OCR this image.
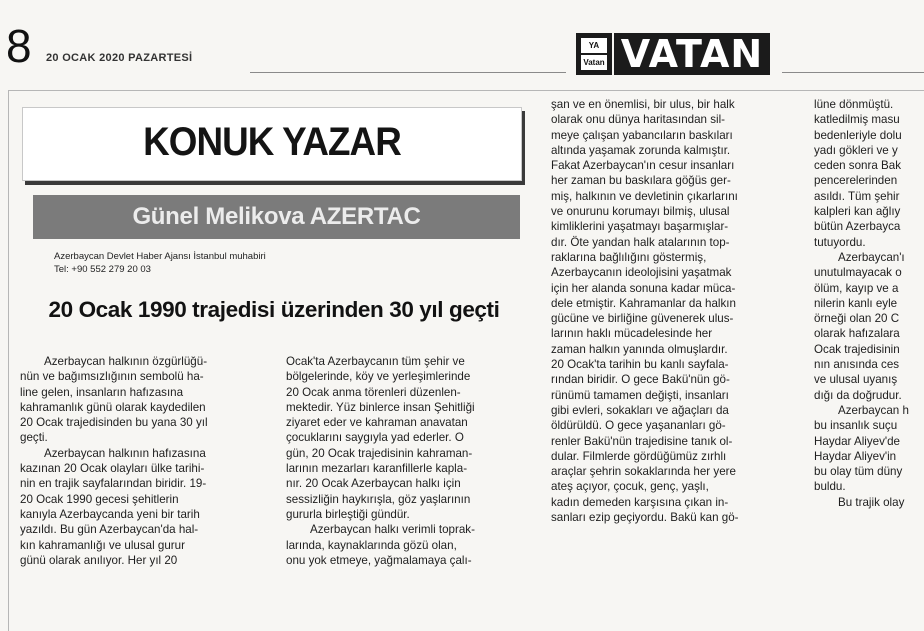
8 20 OCAK 2020 PAZARTESİ
YA
Vatan VATAN
KONUK YAZAR
Günel Melikova AZERTAC
Azerbaycan Devlet Haber Ajansı İstanbul muhabiri
Tel: +90 552 279 20 03
20 Ocak 1990 trajedisi üzerinden 30 yıl geçti
Azerbaycan halkının özgürlüğü-
nün ve bağımsızlığının sembolü ha-
line gelen, insanların hafızasına
kahramanlık günü olarak kaydedilen
20 Ocak trajedisinden bu yana 30 yıl
geçti.
Azerbaycan halkının hafızasına
kazınan 20 Ocak olayları ülke tarihi-
nin en trajik sayfalarından biridir. 19-
20 Ocak 1990 gecesi şehitlerin
kanıyla Azerbaycanda yeni bir tarih
yazıldı. Bu gün Azerbaycan'da hal-
kın kahramanlığı ve ulusal gurur
günü olarak anılıyor. Her yıl 20
Ocak'ta Azerbaycanın tüm şehir ve
bölgelerinde, köy ve yerleşimlerinde
20 Ocak anma törenleri düzenlen-
mektedir. Yüz binlerce insan Şehitliği
ziyaret eder ve kahraman anavatan
çocuklarını saygıyla yad ederler. O
gün, 20 Ocak trajedisinin kahraman-
larının mezarları karanfillerle kapla-
nır. 20 Ocak Azerbaycan halkı için
sessizliğin haykırışla, göz yaşlarının
gururla birleştiği gündür.
Azerbaycan halkı verimli toprak-
larında, kaynaklarında gözü olan,
onu yok etmeye, yağmalamaya çalı-
şan ve en önemlisi, bir ulus, bir halk
olarak onu dünya haritasından sil-
meye çalışan yabancıların baskıları
altında yaşamak zorunda kalmıştır.
Fakat Azerbaycan'ın cesur insanları
her zaman bu baskılara göğüs ger-
miş, halkının ve devletinin çıkarlarını
ve onurunu korumayı bilmiş, ulusal
kimliklerini yaşatmayı başarmışlar-
dır. Öte yandan halk atalarının top-
raklarına bağlılığını göstermiş,
Azerbaycanın ideolojisini yaşatmak
için her alanda sonuna kadar müca-
dele etmiştir. Kahramanlar da halkın
gücüne ve birliğine güvenerek ulus-
larının haklı mücadelesinde her
zaman halkın yanında olmuşlardır.
20 Ocak'ta tarihin bu kanlı sayfala-
rından biridir. O gece Bakü'nün gö-
rünümü tamamen değişti, insanları
gibi evleri, sokakları ve ağaçları da
öldürüldü. O gece yaşananları gö-
renler Bakü'nün trajedisine tanık ol-
dular. Filmlerde gördüğümüz zırhlı
araçlar şehrin sokaklarında her yere
ateş açıyor, çocuk, genç, yaşlı,
kadın demeden karşısına çıkan in-
sanları ezip geçiyordu. Bakü kan gö-
lüne dönmüştü.
katledilmiş masu
bedenleriyle dolu
yadı gökleri ve y
ceden sonra Bak
pencerelerinden
asıldı. Tüm şehir
kalpleri kan ağlıy
bütün Azerbayca
tutuyordu.
Azerbaycan'ı
unutulmayacak o
ölüm, kayıp ve a
nilerin kanlı eyle
örneği olan 20 C
olarak hafızalara
Ocak trajedisinin
nın anısında ces
ve ulusal uyanış
dığı da doğrudur.
Azerbaycan h
bu insanlık suçu
Haydar Aliyev'de
Haydar Aliyev'in
bu olay tüm düny
buldu.
Bu trajik olay
